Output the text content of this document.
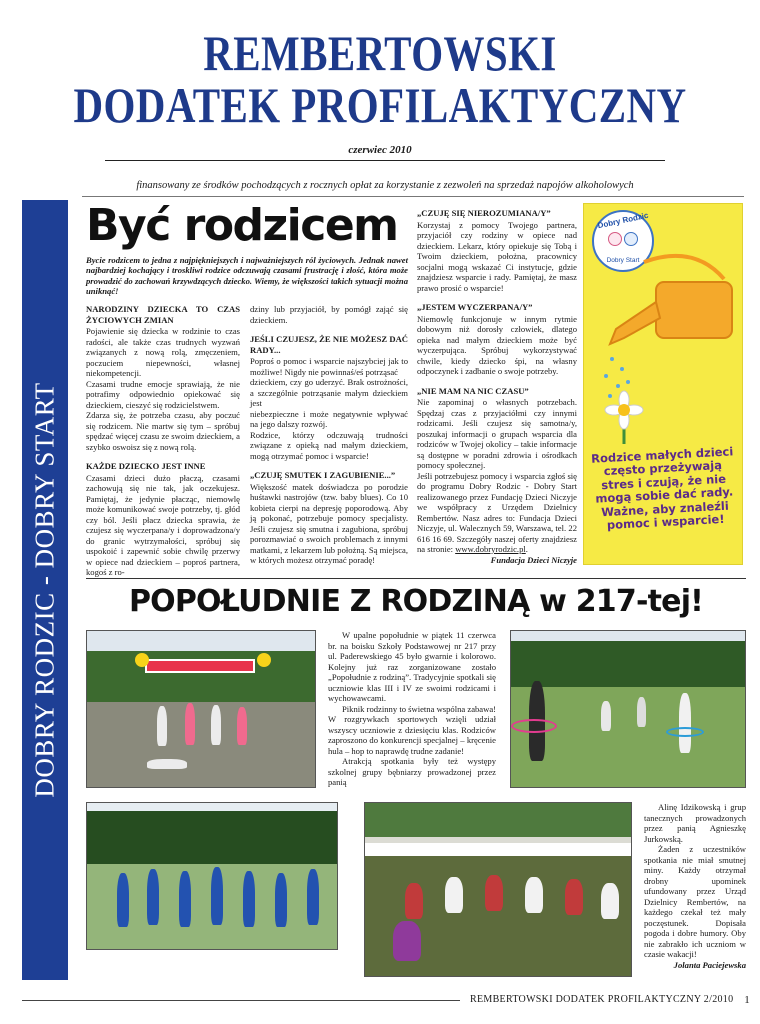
REMBERTOWSKI
DODATEK PROFILAKTYCZNY
czerwiec 2010
finansowany ze środków pochodzących z rocznych opłat za korzystanie z zezwoleń na sprzedaż napojów alkoholowych
DOBRY RODZIC - DOBRY START
Być rodzicem
Bycie rodzicem to jedna z najpiękniejszych i najważniejszych ról życiowych. Jednak nawet najbardziej kochający i troskliwi rodzice odczuwają czasami frustrację i złość, która może prowadzić do zachowań krzywdzących dziecko. Wiemy, że większości takich sytuacji można uniknąć!

NARODZINY DZIECKA TO CZAS ŻYCIOWYCH ZMIAN

Pojawienie się dziecka w rodzinie to czas radości, ale także czas trudnych wyzwań związanych z nową rolą, zmęczeniem, poczuciem niepewności, własnej niekompetencji.

Czasami trudne emocje sprawiają, że nie potrafimy odpowiednio opiekować się dzieckiem, cieszyć się rodzicielstwem.

Zdarza się, że potrzeba czasu, aby poczuć się rodzicem. Nie martw się tym – spróbuj spędzać więcej czasu ze swoim dzieckiem, a szybko oswoisz się z nową rolą.

KAŻDE DZIECKO JEST INNE

Czasami dzieci dużo płaczą, czasami zachowują się nie tak, jak oczekujesz. Pamiętaj, że jedynie płacząc, niemowlę może komunikować swoje potrzeby, tj. głód czy ból. Jeśli płacz dziecka sprawia, że czujesz się wyczerpana/y i doprowadzona/y do granic wytrzymałości, spróbuj się uspokoić i zapewnić sobie chwilę przerwy w opiece nad dzieckiem – poproś partnera, kogoś z ro-

dziny lub przyjaciół, by pomógł zająć się dzieckiem.

JEŚLI CZUJESZ, ŻE NIE MOŻESZ DAĆ RADY...

Poproś o pomoc i wsparcie najszybciej jak to możliwe! Nigdy nie powinnaś/eś potrząsać

dzieckiem, czy go uderzyć. Brak ostrożności, a szczególnie potrząsanie małym dzieckiem jest

niebezpieczne i może negatywnie wpływać na jego dalszy rozwój.

Rodzice, którzy odczuwają trudności związane z opieką nad małym dzieckiem, mogą otrzymać pomoc i wsparcie!

„CZUJĘ SMUTEK I ZAGUBIENIE...”

Większość matek doświadcza po porodzie huśtawki nastrojów (tzw. baby blues). Co 10 kobieta cierpi na depresję poporodową. Aby ją pokonać, potrzebuje pomocy specjalisty. Jeśli czujesz się smutna i zagubiona, spróbuj porozmawiać o swoich problemach z innymi matkami, z lekarzem lub położną. Są miejsca, w których możesz otrzymać poradę!

„CZUJĘ SIĘ NIEROZUMIANA/Y”

Korzystaj z pomocy Twojego partnera, przyjaciół czy rodziny w opiece nad dzieckiem. Lekarz, który opiekuje się Tobą i Twoim dzieckiem, położna, pracownicy socjalni mogą wskazać Ci instytucje, gdzie znajdziesz wsparcie i rady. Pamiętaj, że masz prawo prosić o wsparcie!

„JESTEM WYCZERPANA/Y”

Niemowlę funkcjonuje w innym rytmie dobowym niż dorosły człowiek, dlatego opieka nad małym dzieckiem może być wyczerpująca. Spróbuj wykorzystywać chwile, kiedy dziecko śpi, na własny odpoczynek i zadbanie o swoje potrzeby.

„NIE MAM NA NIC CZASU”

Nie zapominaj o własnych potrzebach. Spędzaj czas z przyjaciółmi czy innymi rodzicami. Jeśli czujesz się samotna/y, poszukaj informacji o grupach wsparcia dla rodziców w Twojej okolicy – takie informacje są dostępne w poradni zdrowia i ośrodkach pomocy społecznej.

Jeśli potrzebujesz pomocy i wsparcia zgłoś się do programu Dobry Rodzic - Dobry Start realizowanego przez Fundację Dzieci Niczyje we współpracy z Urzędem Dzielnicy Rembertów. Nasz adres to: Fundacja Dzieci Niczyje, ul. Walecznych 59, Warszawa, tel. 22 616 16 69. Szczegóły naszej oferty znajdziesz na stronie: www.dobryrodzic.pl.

Fundacja Dzieci Niczyje

Dobry Rodzic
Dobry Start
Rodzice małych dzieci często przeżywają stres i czują, że nie mogą sobie dać rady. Ważne, aby znaleźli pomoc i wsparcie!
POPOŁUDNIE Z RODZINĄ w 217-tej!

W upalne popołudnie w piątek 11 czerwca br. na boisku Szkoły Podstawowej nr 217 przy ul. Paderewskiego 45 było gwarnie i kolorowo. Kolejny już raz zorganizowane zostało „Popołudnie z rodziną”. Tradycyjnie spotkali się uczniowie klas III i IV ze swoimi rodzicami i wychowawcami.

Piknik rodzinny to świetna wspólna zabawa! W rozgrywkach sportowych wzięli udział wszyscy uczniowie z dziesięciu klas. Rodziców zaproszono do konkurencji specjalnej – kręcenie hula – hop to naprawdę trudne zadanie!

Atrakcją spotkania były też występy szkolnej grupy bębniarzy prowadzonej przez panią

Alinę Idzikowską i grup tanecznych prowadzonych przez panią Agnieszkę Jurkowską.

Żaden z uczestników spotkania nie miał smutnej miny. Każdy otrzymał drobny upominek ufundowany przez Urząd Dzielnicy Rembertów, na każdego czekał też mały poczęstunek. Dopisała pogoda i dobre humory. Oby nie zabrakło ich uczniom w czasie wakacji!

Jolanta Paciejewska

REMBERTOWSKI DODATEK PROFILAKTYCZNY 2/2010 1
